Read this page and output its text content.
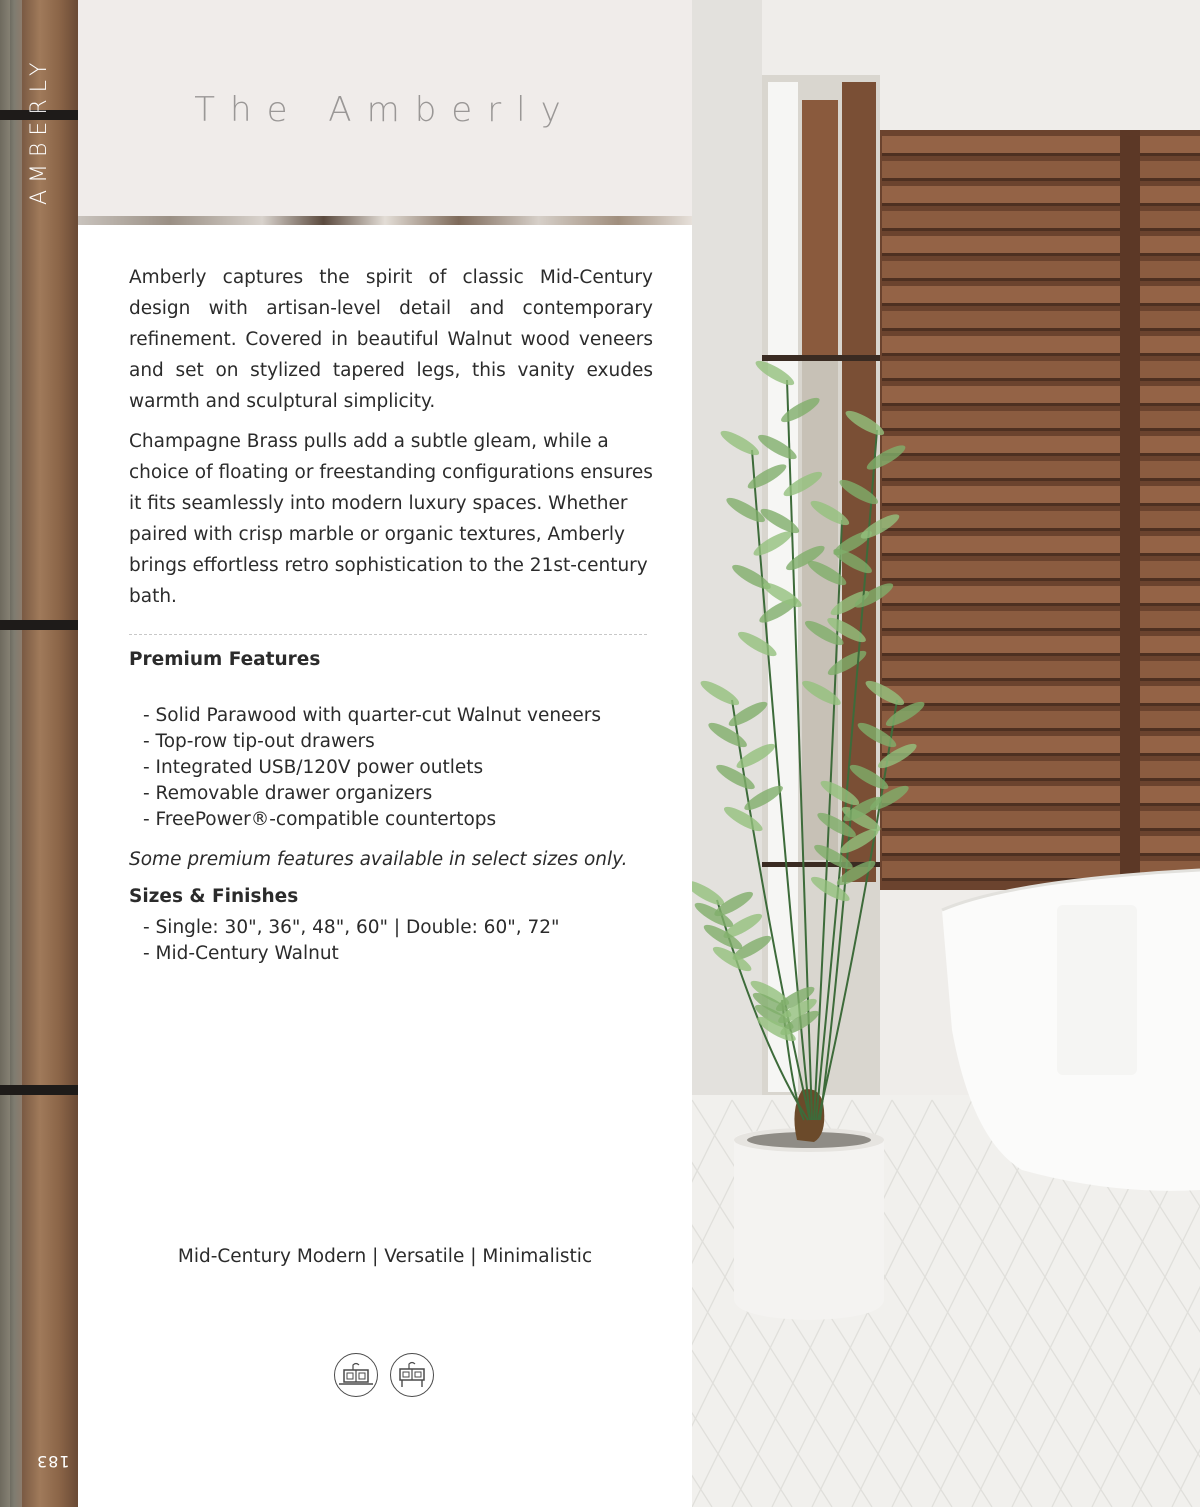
AMBERLY
183
The Amberly

Amberly captures the spirit of classic Mid-Century design with artisan-level detail and contemporary refinement. Covered in beautiful Walnut wood veneers and set on stylized tapered legs, this vanity exudes warmth and sculptural simplicity.

Champagne Brass pulls add a subtle gleam, while a choice of floating or freestanding configurations ensures it fits seamlessly into modern luxury spaces. Whether paired with crisp marble or organic textures, Amberly brings effortless retro sophistication to the 21st-century bath.

Premium Features
- Solid Parawood with quarter-cut Walnut veneers
- Top-row tip-out drawers
- Integrated USB/120V power outlets
- Removable drawer organizers
- FreePower®-compatible countertops
Some premium features available in select sizes only.
Sizes & Finishes
- Single: 30", 36", 48", 60" | Double: 60", 72"
- Mid-Century Walnut
Mid-Century Modern | Versatile | Minimalistic
